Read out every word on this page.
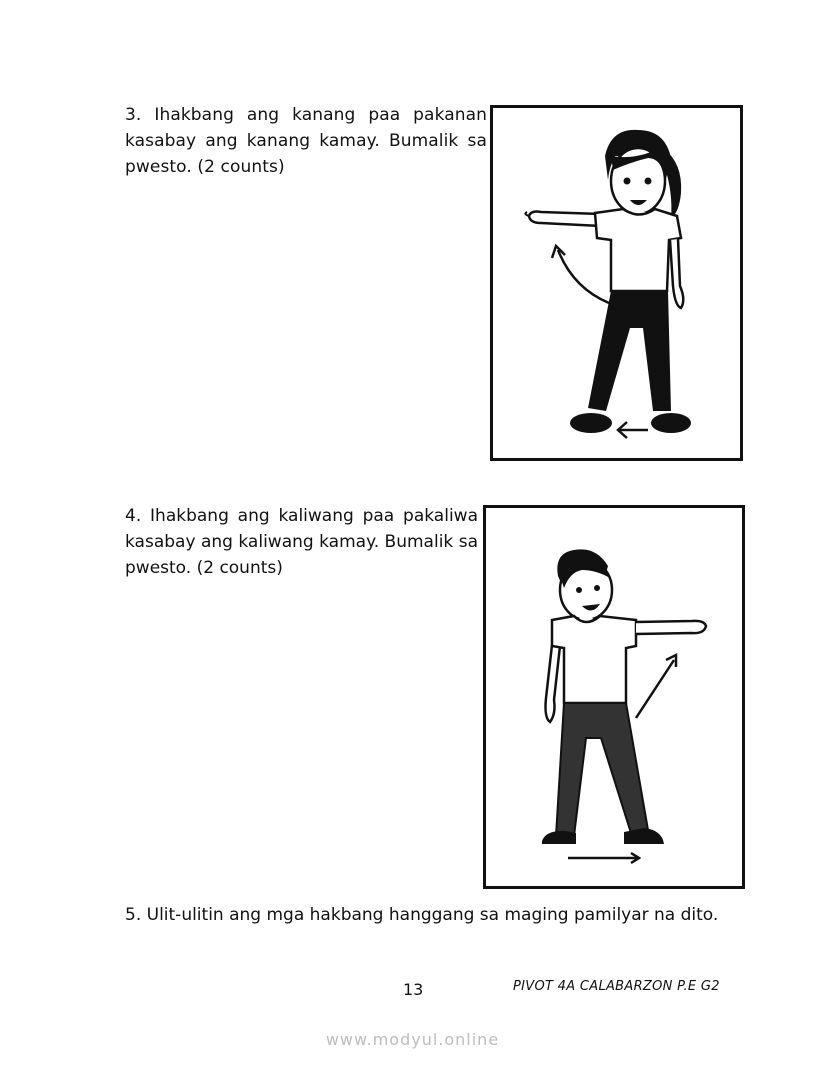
3. Ihakbang ang kanang paa pakanan kasabay ang kanang kamay. Bumalik sa pwesto. (2 counts)

4. Ihakbang ang kaliwang paa pakaliwa kasabay ang kaliwang kamay. Bumalik sa pwesto. (2 counts)

5. Ulit-ulitin ang mga hakbang hanggang sa maging pamilyar na dito.

13	PIVOT 4A CALABARZON P.E G2
www.modyul.online
